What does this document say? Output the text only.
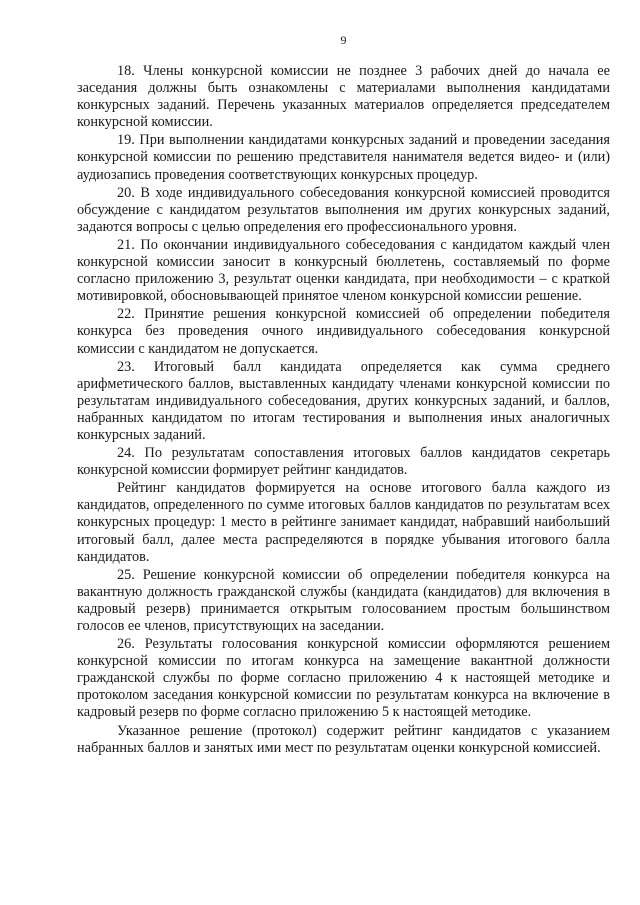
9

18. Члены конкурсной комиссии не позднее 3 рабочих дней до начала ее заседания должны быть ознакомлены с материалами выполнения кандидатами конкурсных заданий. Перечень указанных материалов определяется председателем конкурсной комиссии.

19. При выполнении кандидатами конкурсных заданий и проведении заседания конкурсной комиссии по решению представителя нанимателя ведется видео- и (или) аудиозапись проведения соответствующих конкурсных процедур.

20. В ходе индивидуального собеседования конкурсной комиссией проводится обсуждение с кандидатом результатов выполнения им других конкурсных заданий, задаются вопросы с целью определения его профессионального уровня.

21. По окончании индивидуального собеседования с кандидатом каждый член конкурсной комиссии заносит в конкурсный бюллетень, составляемый по форме согласно приложению 3, результат оценки кандидата, при необходимости – с краткой мотивировкой, обосновывающей принятое членом конкурсной комиссии решение.

22. Принятие решения конкурсной комиссией об определении победителя конкурса без проведения очного индивидуального собеседования конкурсной комиссии с кандидатом не допускается.

23. Итоговый балл кандидата определяется как сумма среднего арифметического баллов, выставленных кандидату членами конкурсной комиссии по результатам индивидуального собеседования, других конкурсных заданий, и баллов, набранных кандидатом по итогам тестирования и выполнения иных аналогичных конкурсных заданий.

24. По результатам сопоставления итоговых баллов кандидатов секретарь конкурсной комиссии формирует рейтинг кандидатов.

Рейтинг кандидатов формируется на основе итогового балла каждого из кандидатов, определенного по сумме итоговых баллов кандидатов по результатам всех конкурсных процедур: 1 место в рейтинге занимает кандидат, набравший наибольший итоговый балл, далее места распределяются в порядке убывания итогового балла кандидатов.

25. Решение конкурсной комиссии об определении победителя конкурса на вакантную должность гражданской службы (кандидата (кандидатов) для включения в кадровый резерв) принимается открытым голосованием простым большинством голосов ее членов, присутствующих на заседании.

26. Результаты голосования конкурсной комиссии оформляются решением конкурсной комиссии по итогам конкурса на замещение вакантной должности гражданской службы по форме согласно приложению 4 к настоящей методике и протоколом заседания конкурсной комиссии по результатам конкурса на включение в кадровый резерв по форме согласно приложению 5 к настоящей методике.

Указанное решение (протокол) содержит рейтинг кандидатов с указанием набранных баллов и занятых ими мест по результатам оценки конкурсной комиссией.
